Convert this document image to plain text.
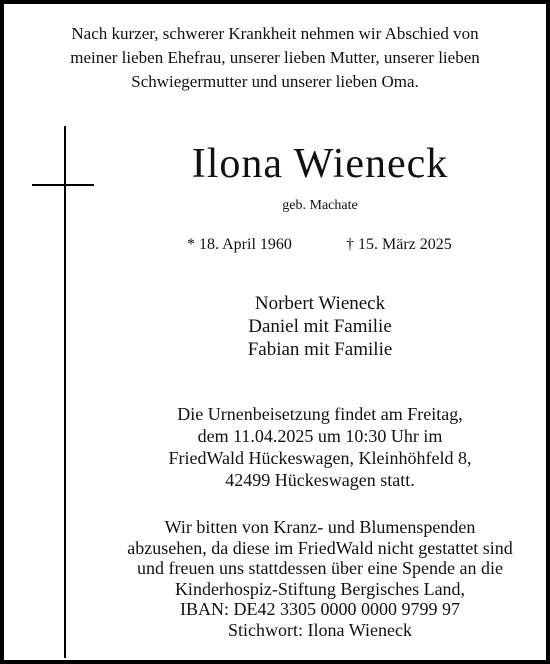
Nach kurzer, schwerer Krankheit nehmen wir Abschied von
meiner lieben Ehefrau, unserer lieben Mutter, unserer lieben
Schwiegermutter und unserer lieben Oma.
Ilona Wieneck
geb. Machate
* 18. April 1960	† 15. März 2025
Norbert Wieneck
Daniel mit Familie
Fabian mit Familie
Die Urnenbeisetzung findet am Freitag,
dem 11.04.2025 um 10:30 Uhr im
FriedWald Hückeswagen, Kleinhöhfeld 8,
42499 Hückeswagen statt.
Wir bitten von Kranz- und Blumenspenden
abzusehen, da diese im FriedWald nicht gestattet sind
und freuen uns stattdessen über eine Spende an die
Kinderhospiz-Stiftung Bergisches Land,
IBAN: DE42 3305 0000 0000 9799 97
Stichwort: Ilona Wieneck
